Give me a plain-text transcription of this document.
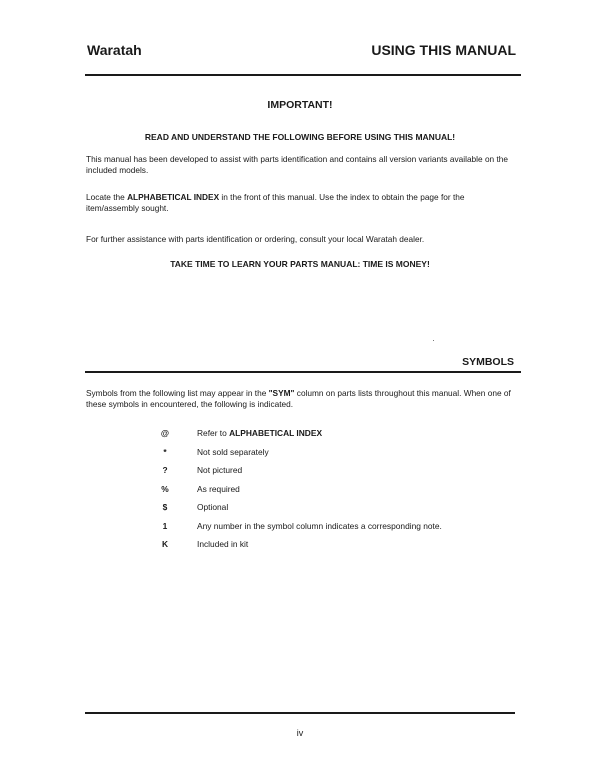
Waratah	USING THIS MANUAL
IMPORTANT!
READ AND UNDERSTAND THE FOLLOWING BEFORE USING THIS MANUAL!
This manual has been developed to assist with parts identification and contains all version variants available on the included models.
Locate the ALPHABETICAL INDEX in the front of this manual. Use the index to obtain the page for the item/assembly sought.
For further assistance with parts identification or ordering, consult your local Waratah dealer.
TAKE TIME TO LEARN YOUR PARTS MANUAL: TIME IS MONEY!
SYMBOLS
Symbols from the following list may appear in the "SYM" column on parts lists throughout this manual. When one of these symbols in encountered, the following is indicated.
@	Refer to ALPHABETICAL INDEX
*	Not sold separately
?	Not pictured
%	As required
$	Optional
1	Any number in the symbol column indicates a corresponding note.
K	Included in kit
iv
